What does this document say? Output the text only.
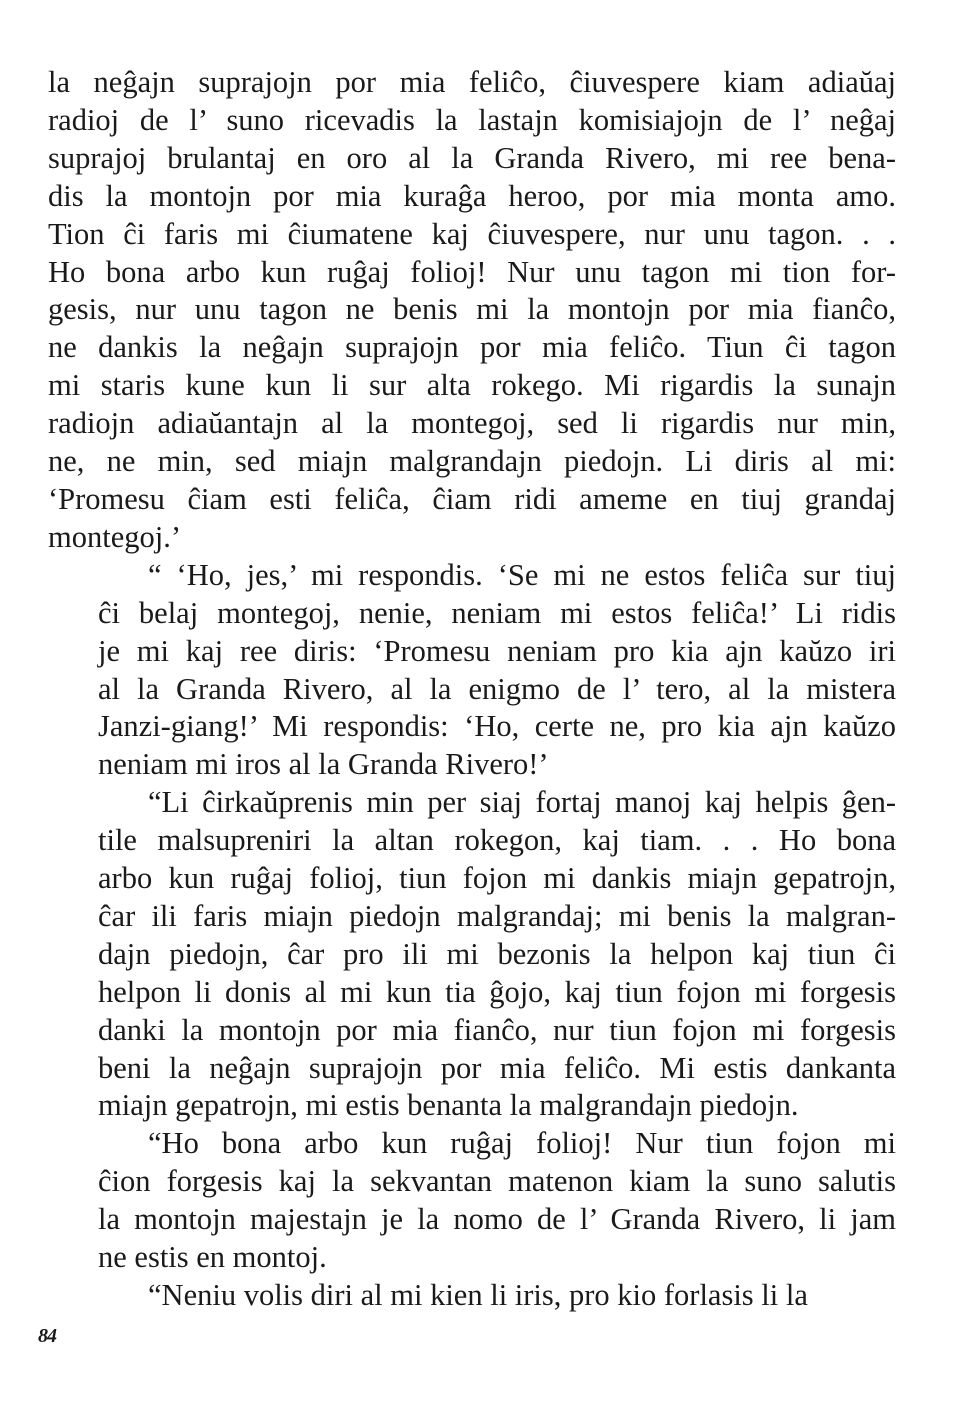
la neĝajn suprajojn por mia feliĉo, ĉiuvespere kiam adiaŭaj
radioj de l’ suno ricevadis la lastajn komisiajojn de l’ neĝaj
suprajoj brulantaj en oro al la Granda Rivero, mi ree bena-
dis la montojn por mia kuraĝa heroo, por mia monta amo.
Tion ĉi faris mi ĉiumatene kaj ĉiuvespere, nur unu tagon. . .
Ho bona arbo kun ruĝaj folioj! Nur unu tagon mi tion for-
gesis, nur unu tagon ne benis mi la montojn por mia fianĉo,
ne dankis la neĝajn suprajojn por mia feliĉo. Tiun ĉi tagon
mi staris kune kun li sur alta rokego. Mi rigardis la sunajn
radiojn adiaŭantajn al la montegoj, sed li rigardis nur min,
ne, ne min, sed miajn malgrandajn piedojn. Li diris al mi:
‘Promesu ĉiam esti feliĉa, ĉiam ridi ameme en tiuj grandaj
montegoj.’
“ ‘Ho, jes,’ mi respondis. ‘Se mi ne estos feliĉa sur tiuj
ĉi belaj montegoj, nenie, neniam mi estos feliĉa!’ Li ridis
je mi kaj ree diris: ‘Promesu neniam pro kia ajn kaŭzo iri
al la Granda Rivero, al la enigmo de l’ tero, al la mistera
Janzi-giang!’ Mi respondis: ‘Ho, certe ne, pro kia ajn kaŭzo
neniam mi iros al la Granda Rivero!’
“Li ĉirkaŭprenis min per siaj fortaj manoj kaj helpis ĝen-
tile malsupreniri la altan rokegon, kaj tiam. . . Ho bona
arbo kun ruĝaj folioj, tiun fojon mi dankis miajn gepatrojn,
ĉar ili faris miajn piedojn malgrandaj; mi benis la malgran-
dajn piedojn, ĉar pro ili mi bezonis la helpon kaj tiun ĉi
helpon li donis al mi kun tia ĝojo, kaj tiun fojon mi forgesis
danki la montojn por mia fianĉo, nur tiun fojon mi forgesis
beni la neĝajn suprajojn por mia feliĉo. Mi estis dankanta
miajn gepatrojn, mi estis benanta la malgrandajn piedojn.
“Ho bona arbo kun ruĝaj folioj! Nur tiun fojon mi
ĉion forgesis kaj la sekvantan matenon kiam la suno salutis
la montojn majestajn je la nomo de l’ Granda Rivero, li jam
ne estis en montoj.
“Neniu volis diri al mi kien li iris, pro kio forlasis li la
84
